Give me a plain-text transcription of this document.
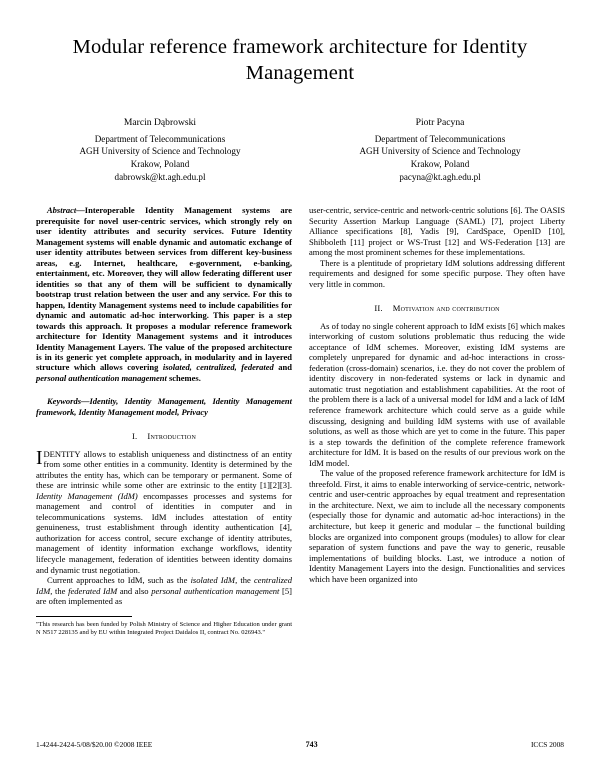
Modular reference framework architecture for Identity Management
Marcin Dąbrowski
Department of Telecommunications
AGH University of Science and Technology
Krakow, Poland
dabrowsk@kt.agh.edu.pl
Piotr Pacyna
Department of Telecommunications
AGH University of Science and Technology
Krakow, Poland
pacyna@kt.agh.edu.pl

Abstract—Interoperable Identity Management systems are prerequisite for novel user-centric services, which strongly rely on user identity attributes and security services. Future Identity Management systems will enable dynamic and automatic exchange of user identity attributes between services from different key-business areas, e.g. Internet, healthcare, e-government, e-banking, entertainment, etc. Moreover, they will allow federating different user identities so that any of them will be sufficient to dynamically bootstrap trust relation between the user and any service. For this to happen, Identity Management systems need to include capabilities for dynamic and automatic ad-hoc interworking. This paper is a step towards this approach. It proposes a modular reference framework architecture for Identity Management systems and it introduces Identity Management Layers. The value of the proposed architecture is in its generic yet complete approach, in modularity and in layered structure which allows covering isolated, centralized, federated and personal authentication management schemes.

Keywords—Identity, Identity Management, Identity Management framework, Identity Management model, Privacy

I. Introduction

IDENTITY allows to establish uniqueness and distinctness of an entity from some other entities in a community. Identity is determined by the attributes the entity has, which can be temporary or permanent. Some of these are intrinsic while some other are extrinsic to the entity [1][2][3]. Identity Management (IdM) encompasses processes and systems for management and control of identities in computer and in telecommunications systems. IdM includes attestation of entity genuineness, trust establishment through identity authentication [4], authorization for access control, secure exchange of identity attributes, management of identity information exchange workflows, identity lifecycle management, federation of identities between identity domains and dynamic trust negotiation.

Current approaches to IdM, such as the isolated IdM, the centralized IdM, the federated IdM and also personal authentication management [5] are often implemented as

"This research has been funded by Polish Ministry of Science and Higher Education under grant N N517 228135 and by EU within Integrated Project Daidalos II, contract No. 026943."

user-centric, service-centric and network-centric solutions [6]. The OASIS Security Assertion Markup Language (SAML) [7], project Liberty Alliance specifications [8], Yadis [9], CardSpace, OpenID [10], Shibboleth [11] project or WS-Trust [12] and WS-Federation [13] are among the most prominent schemes for these implementations.

There is a plentitude of proprietary IdM solutions addressing different requirements and designed for some specific purpose. They often have very little in common.

II. Motivation and contribution

As of today no single coherent approach to IdM exists [6] which makes interworking of custom solutions problematic thus reducing the wide acceptance of IdM schemes. Moreover, existing IdM systems are completely unprepared for dynamic and ad-hoc interactions in cross-federation (cross-domain) scenarios, i.e. they do not cover the problem of identity discovery in non-federated systems or lack in dynamic and automatic trust negotiation and establishment capabilities. At the root of the problem there is a lack of a universal model for IdM and a lack of IdM reference framework architecture which could serve as a guide while discussing, designing and building IdM systems with use of available solutions, as well as those which are yet to come in the future. This paper is a step towards the definition of the complete reference framework architecture for IdM. It is based on the results of our previous work on the IdM model.

The value of the proposed reference framework architecture for IdM is threefold. First, it aims to enable interworking of service-centric, network-centric and user-centric approaches by equal treatment and representation in the architecture. Next, we aim to include all the necessary components (especially those for dynamic and automatic ad-hoc interactions) in the architecture, but keep it generic and modular – the functional building blocks are organized into component groups (modules) to allow for clear separation of system functions and pave the way to generic, reusable implementations of building blocks. Last, we introduce a notion of Identity Management Layers into the design. Functionalities and services which have been organized into

1-4244-2424-5/08/$20.00 ©2008 IEEE	743	ICCS 2008
